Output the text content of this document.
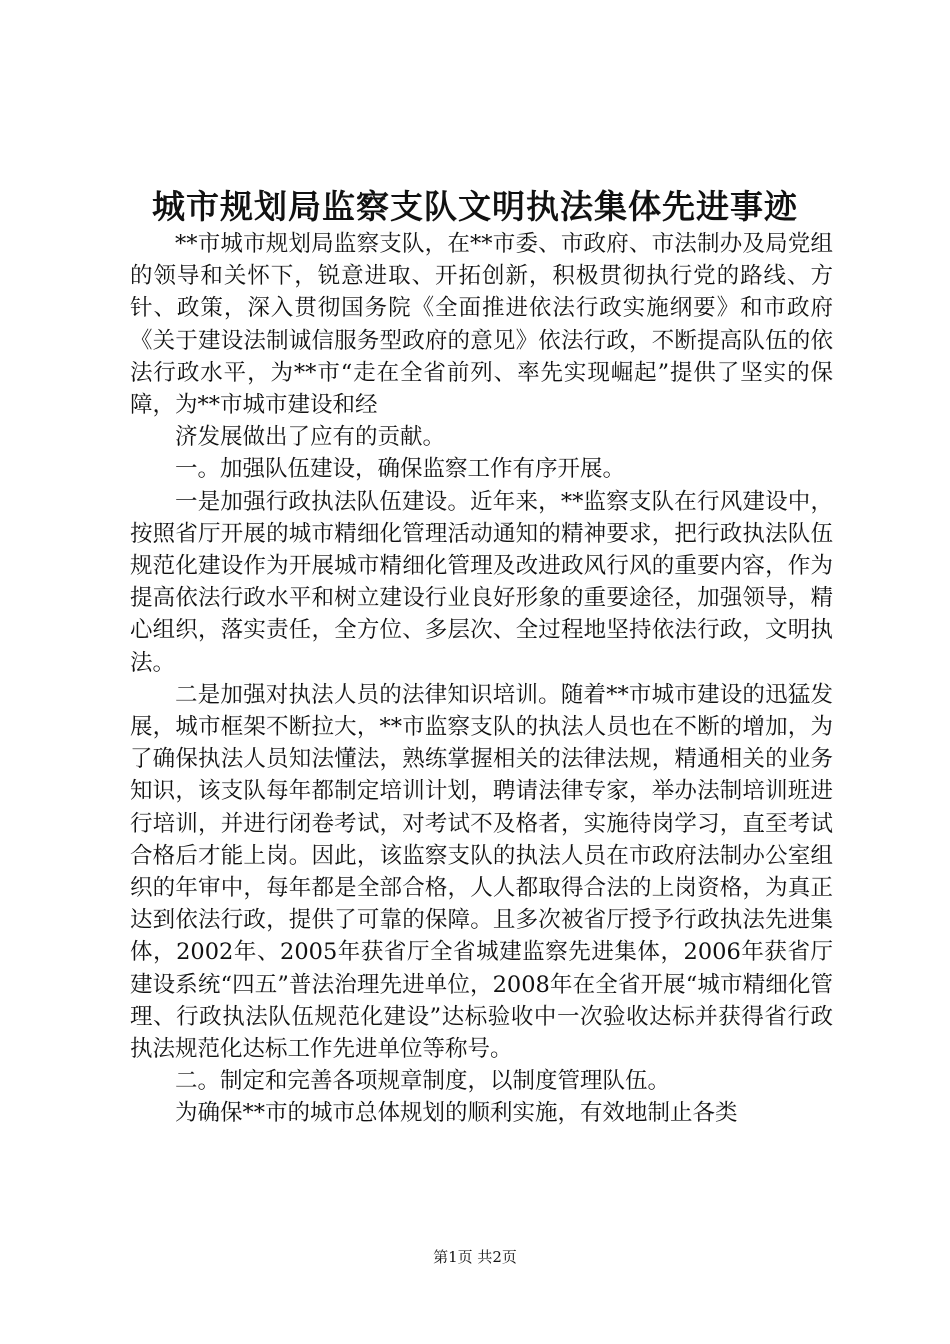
城市规划局监察支队文明执法集体先进事迹

**市城市规划局监察支队，在**市委、市政府、市法制办及局党组的领导和关怀下，锐意进取、开拓创新，积极贯彻执行党的路线、方针、政策，深入贯彻国务院《全面推进依法行政实施纲要》和市政府《关于建设法制诚信服务型政府的意见》依法行政，不断提高队伍的依法行政水平，为**市“走在全省前列、率先实现崛起”提供了坚实的保障，为**市城市建设和经

济发展做出了应有的贡献。

一。加强队伍建设，确保监察工作有序开展。

一是加强行政执法队伍建设。近年来，**监察支队在行风建设中，按照省厅开展的城市精细化管理活动通知的精神要求，把行政执法队伍规范化建设作为开展城市精细化管理及改进政风行风的重要内容，作为提高依法行政水平和树立建设行业良好形象的重要途径，加强领导，精心组织，落实责任，全方位、多层次、全过程地坚持依法行政，文明执法。

二是加强对执法人员的法律知识培训。随着**市城市建设的迅猛发展，城市框架不断拉大，**市监察支队的执法人员也在不断的增加，为了确保执法人员知法懂法，熟练掌握相关的法律法规，精通相关的业务知识，该支队每年都制定培训计划，聘请法律专家，举办法制培训班进行培训，并进行闭卷考试，对考试不及格者，实施待岗学习，直至考试合格后才能上岗。因此，该监察支队的执法人员在市政府法制办公室组织的年审中，每年都是全部合格，人人都取得合法的上岗资格，为真正达到依法行政，提供了可靠的保障。且多次被省厅授予行政执法先进集体，2002年、2005年获省厅全省城建监察先进集体，2006年获省厅建设系统“四五”普法治理先进单位，2008年在全省开展“城市精细化管理、行政执法队伍规范化建设”达标验收中一次验收达标并获得省行政执法规范化达标工作先进单位等称号。

二。制定和完善各项规章制度，以制度管理队伍。

为确保**市的城市总体规划的顺利实施，有效地制止各类

第1页 共2页
